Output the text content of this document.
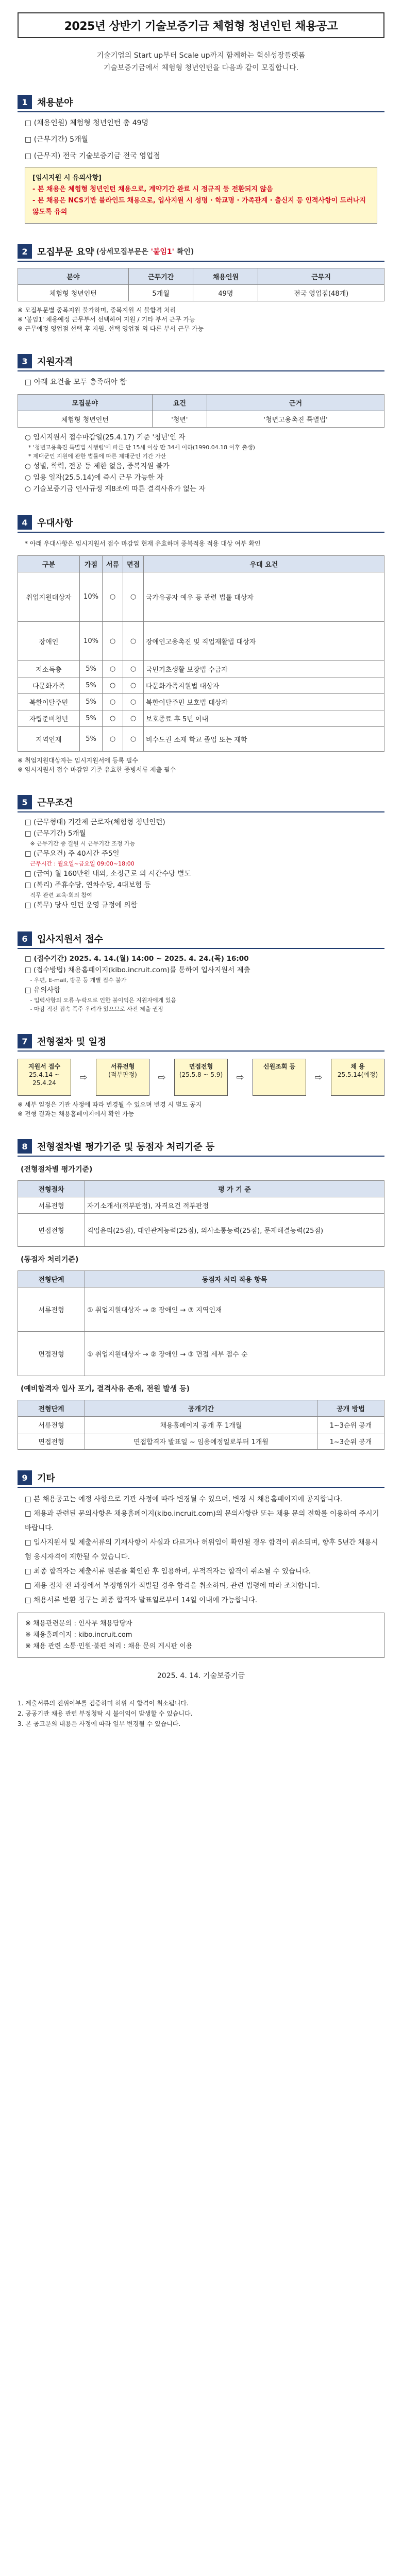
2025년 상반기 기술보증기금 체험형 청년인턴 채용공고
기술기업의 Start up부터 Scale up까지 함께하는 혁신성장플랫폼
기술보증기금에서 체험형 청년인턴을 다음과 같이 모집합니다.
1	채용분야
□ (채용인원) 체험형 청년인턴 총 49명
□ (근무기간) 5개월
□ (근무지) 전국 기술보증기금 전국 영업점
[임시지원 시 유의사항]
- 본 채용은 체험형 청년인턴 채용으로, 계약기간 완료 시 정규직 등 전환되지 않음
- 본 채용은 NCS기반 블라인드 채용으로, 입사지원 시 성명 · 학교명 · 가족관계 · 출신지 등 인적사항이 드러나지 않도록 유의
2	모집부문 요약 (상세모집부문은 '붙임1' 확인)
분야	근무기간	채용인원	근무지
체험형 청년인턴	5개월	49명	전국 영업점(48개)
※ 모집부문별 중복지원 불가하며, 중복지원 시 불합격 처리
※ '붙임1' 채용예정 근무부서 선택하여 지원 / 기타 부서 근무 가능
※ 근무예정 영업점 선택 후 지원. 선택 영업점 외 다른 부서 근무 가능
3	지원자격
□ 아래 요건을 모두 충족해야 함
모집분야	요건	근거
체험형 청년인턴	'청년'	'청년고용촉진 특별법'
○ 임시지원서 접수마감일(25.4.17) 기준 '청년'인 자
* '청년고용촉진 특별법 시행령'에 따른 만 15세 이상 만 34세 이하(1990.04.18 이후 출생)
* 제대군인 지원에 관한 법률에 따른 제대군인 기간 가산
○ 성별, 학력, 전공 등 제한 없음, 중복지원 불가
○ 임용 일자(25.5.14)에 즉시 근무 가능한 자
○ 기술보증기금 인사규정 제8조에 따른 결격사유가 없는 자
4	우대사항
* 아래 우대사항은 임시지원서 접수 마감일 현재 유효하며 중복적용 적용 대상 여부 확인
구분	가점	서류	면접	우대 요건
취업지원대상자	10%	○	○	국가유공자 예우 등 관련 법률 대상자
장애인	10%	○	○	장애인고용촉진 및 직업재활법 대상자
저소득층	5%	○	○	국민기초생활 보장법 수급자
다문화가족	5%	○	○	다문화가족지원법 대상자
북한이탈주민	5%	○	○	북한이탈주민 보호법 대상자
자립준비청년	5%	○	○	보호종료 후 5년 이내
지역인재	5%	○	○	비수도권 소재 학교 졸업 또는 재학
※ 취업지원대상자는 임시지원서에 등록 필수
※ 임시지원서 접수 마감일 기준 유효한 증빙서류 제출 필수
5	근무조건
□ (근무형태) 기간제 근로자(체험형 청년인턴)
□ (근무기간) 5개월
※ 근무기간 중 결원 시 근무기간 조정 가능
□ (근무요건) 주 40시간 주5일
근무시간 : 월요일~금요일 09:00~18:00
□ (급여) 월 160만원 내외, 소정근로 외 시간수당 별도
□ (복리) 주휴수당, 연차수당, 4대보험 등
직무 관련 교육·회의 참여
□ (복무) 당사 인턴 운영 규정에 의함
6	입사지원서 접수
□ (접수기간) 2025. 4. 14.(월) 14:00 ~ 2025. 4. 24.(목) 16:00
□ (접수방법) 채용홈페이지(kibo.incruit.com)를 통하여 입사지원서 제출
- 우편, E-mail, 방문 등 개별 접수 불가
□ 유의사항
- 입력사항의 오류·누락으로 인한 불이익은 지원자에게 있음
- 마감 직전 접속 폭주 우려가 있으므로 사전 제출 권장
7	전형절차 및 일정
지원서 접수
25.4.14 ~ 25.4.24
⇨
서류전형
(적부판정)	⇨
면접전형
(25.5.8 ~ 5.9) ⇨
신원조회 등
⇨
채 용
25.5.14(예정)
※ 세부 일정은 기관 사정에 따라 변경될 수 있으며 변경 시 별도 공지
※ 전형 결과는 채용홈페이지에서 확인 가능
8	전형절차별 평가기준 및 동점자 처리기준 등
(전형절차별 평가기준)
전형절차	평 가 기 준
서류전형	자기소개서(적부판정), 자격요건 적부판정
면접전형	직업윤리(25점), 대인관계능력(25점), 의사소통능력(25점), 문제해결능력(25점)
(동점자 처리기준)
전형단계	동점자 처리 적용 항목
서류전형	① 취업지원대상자 → ② 장애인 → ③ 지역인재
면접전형	① 취업지원대상자 → ② 장애인 → ③ 면접 세부 점수 순
(예비합격자 입사 포기, 결격사유 존재, 전원 발생 등)
전형단계	공개기간	공개 방법
서류전형	채용홈페이지 공개 후 1개월	1~3순위 공개
면접전형	면접합격자 발표일 ~ 임용예정일로부터 1개월	1~3순위 공개
9	기타
□ 본 채용공고는 예정 사항으로 기관 사정에 따라 변경될 수 있으며, 변경 시 채용홈페이지에 공지합니다.
□ 채용과 관련된 문의사항은 채용홈페이지(kibo.incruit.com)의 문의사항란 또는 채용 문의 전화를 이용하여 주시기 바랍니다.
□ 입사지원서 및 제출서류의 기재사항이 사실과 다르거나 허위임이 확인될 경우 합격이 취소되며, 향후 5년간 채용시험 응시자격이 제한될 수 있습니다.
□ 최종 합격자는 제출서류 원본을 확인한 후 임용하며, 부적격자는 합격이 취소될 수 있습니다.
□ 채용 절차 전 과정에서 부정행위가 적발될 경우 합격을 취소하며, 관련 법령에 따라 조치합니다.
□ 채용서류 반환 청구는 최종 합격자 발표일로부터 14일 이내에 가능합니다.
※ 채용관련문의 : 인사부 채용담당자
※ 채용홈페이지 : kibo.incruit.com
※ 채용 관련 소통·민원·불편 처리 : 채용 문의 게시판 이용
2025. 4. 14. 기술보증기금
1. 제출서류의 진위여부를 검증하며 허위 시 합격이 취소됩니다.
2. 공공기관 채용 관련 부정청탁 시 불이익이 발생할 수 있습니다.
3. 본 공고문의 내용은 사정에 따라 일부 변경될 수 있습니다.
